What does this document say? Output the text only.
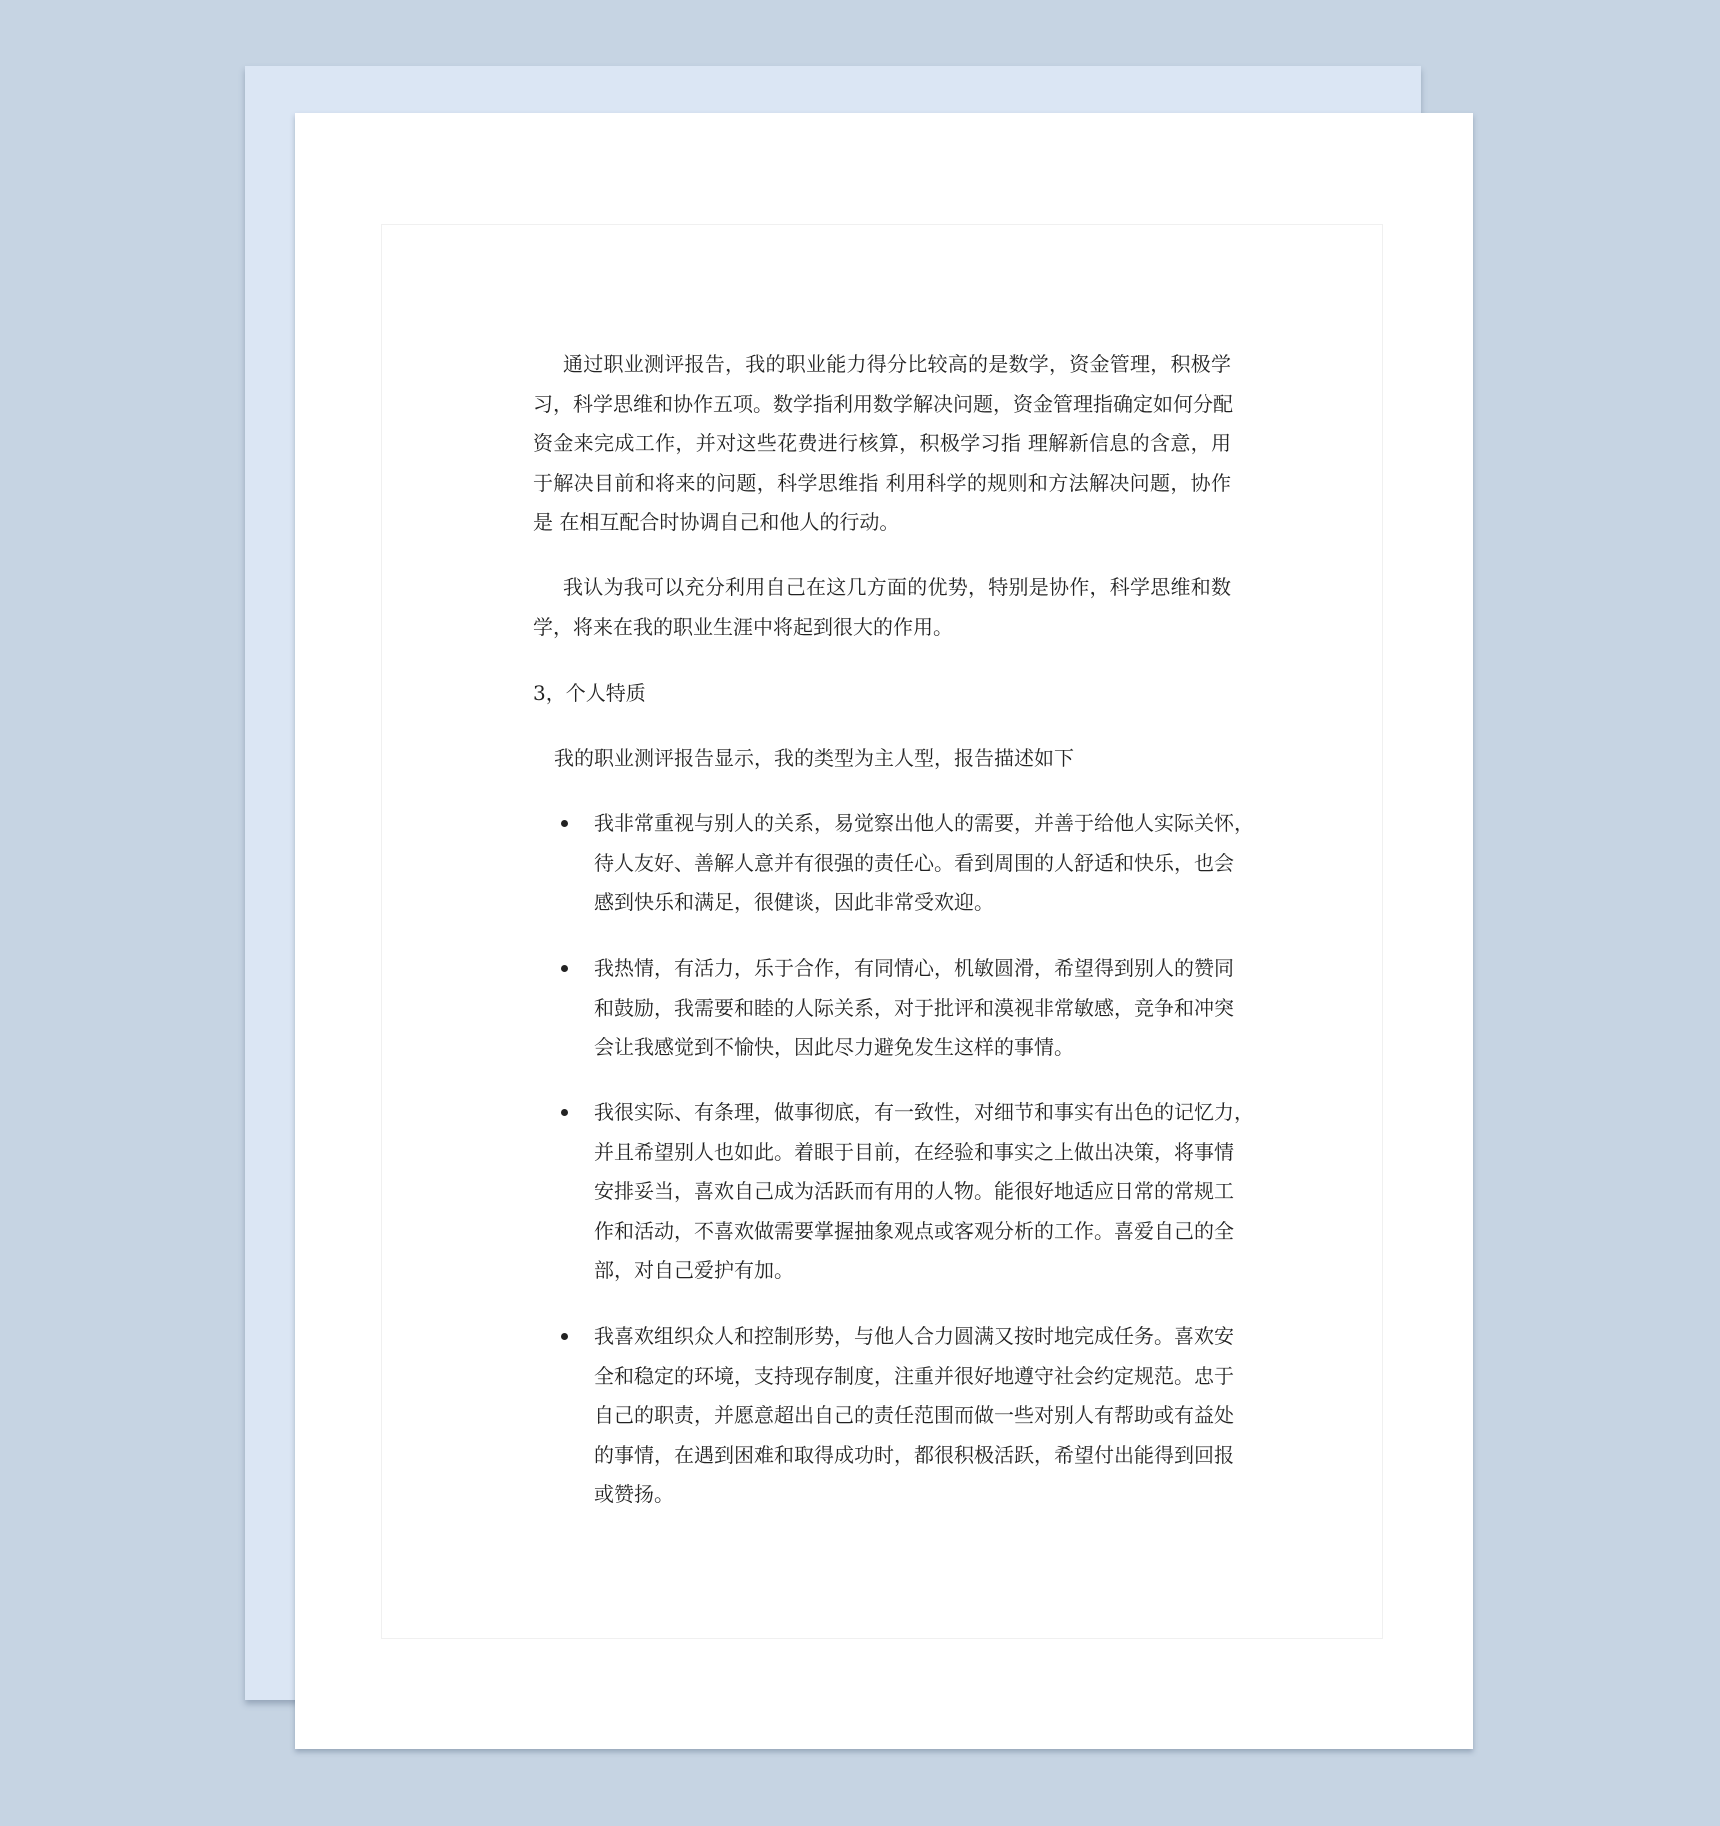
通过职业测评报告，我的职业能力得分比较高的是数学，资金管理，积极学
习，科学思维和协作五项。数学指利用数学解决问题，资金管理指确定如何分配
资金来完成工作，并对这些花费进行核算，积极学习指 理解新信息的含意，用
于解决目前和将来的问题，科学思维指 利用科学的规则和方法解决问题，协作
是 在相互配合时协调自己和他人的行动。
我认为我可以充分利用自己在这几方面的优势，特别是协作，科学思维和数
学，将来在我的职业生涯中将起到很大的作用。
3，个人特质
我的职业测评报告显示，我的类型为主人型，报告描述如下
我非常重视与别人的关系，易觉察出他人的需要，并善于给他人实际关怀，
待人友好、善解人意并有很强的责任心。看到周围的人舒适和快乐，也会
感到快乐和满足，很健谈，因此非常受欢迎。
我热情，有活力，乐于合作，有同情心，机敏圆滑，希望得到别人的赞同
和鼓励，我需要和睦的人际关系，对于批评和漠视非常敏感，竞争和冲突
会让我感觉到不愉快，因此尽力避免发生这样的事情。
我很实际、有条理，做事彻底，有一致性，对细节和事实有出色的记忆力，
并且希望别人也如此。着眼于目前，在经验和事实之上做出决策，将事情
安排妥当，喜欢自己成为活跃而有用的人物。能很好地适应日常的常规工
作和活动，不喜欢做需要掌握抽象观点或客观分析的工作。喜爱自己的全
部，对自己爱护有加。
我喜欢组织众人和控制形势，与他人合力圆满又按时地完成任务。喜欢安
全和稳定的环境，支持现存制度，注重并很好地遵守社会约定规范。忠于
自己的职责，并愿意超出自己的责任范围而做一些对别人有帮助或有益处
的事情，在遇到困难和取得成功时，都很积极活跃，希望付出能得到回报
或赞扬。
